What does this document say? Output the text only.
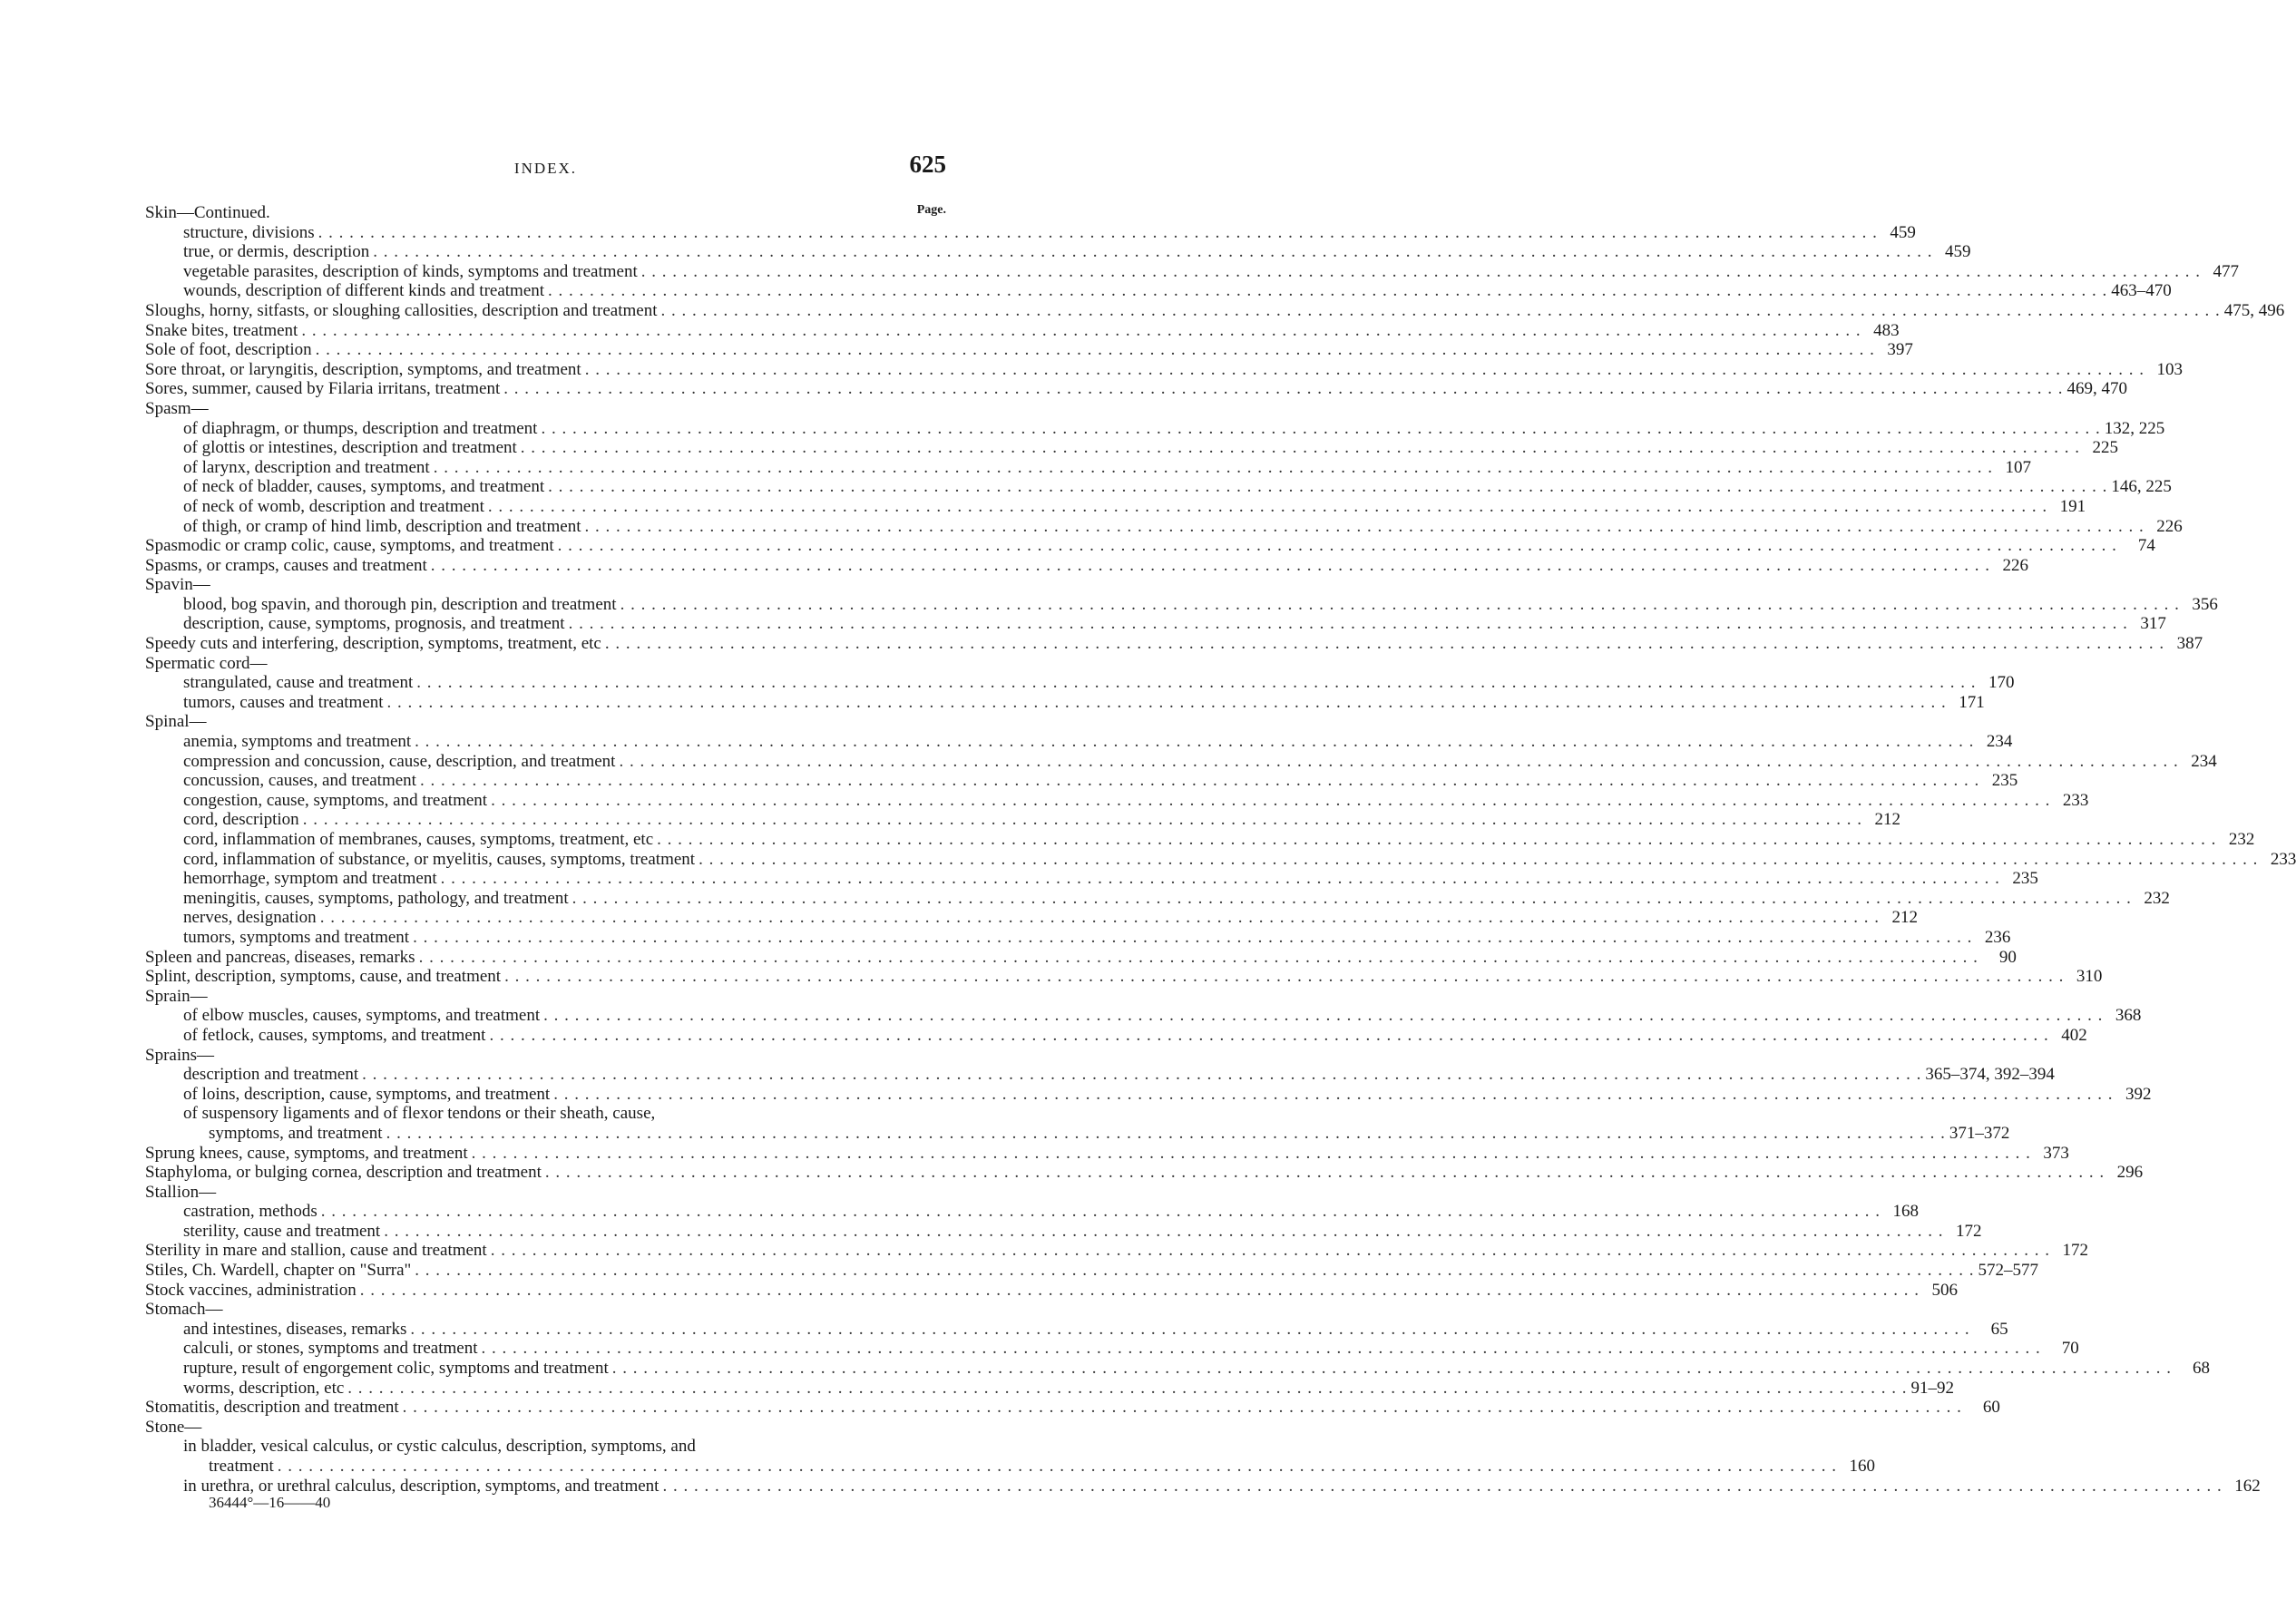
INDEX.	625
Page.
Skin—Continued.
structure, divisions . . .	459
true, or dermis, description . . .	459
vegetable parasites, description of kinds, symptoms and treatment . . .	477
wounds, description of different kinds and treatment . . .	463–470
Sloughs, horny, sitfasts, or sloughing callosities, description and treatment . . .	475, 496
Snake bites, treatment . . .	483
Sole of foot, description . . .	397
Sore throat, or laryngitis, description, symptoms, and treatment . . .	103
Sores, summer, caused by Filaria irritans, treatment . . .	469, 470
Spasm—
of diaphragm, or thumps, description and treatment . . .	132, 225
of glottis or intestines, description and treatment . . .	225
of larynx, description and treatment . . .	107
of neck of bladder, causes, symptoms, and treatment . . .	146, 225
of neck of womb, description and treatment . . .	191
of thigh, or cramp of hind limb, description and treatment . . .	226
Spasmodic or cramp colic, cause, symptoms, and treatment . . .	74
Spasms, or cramps, causes and treatment . . .	226
Spavin—
blood, bog spavin, and thorough pin, description and treatment . . .	356
description, cause, symptoms, prognosis, and treatment . . .	317
Speedy cuts and interfering, description, symptoms, treatment, etc . . .	387
Spermatic cord—
strangulated, cause and treatment . . .	170
tumors, causes and treatment . . .	171
Spinal—
anemia, symptoms and treatment . . .	234
compression and concussion, cause, description, and treatment . . .	234
concussion, causes, and treatment . . .	235
congestion, cause, symptoms, and treatment . . .	233
cord, description . . .	212
cord, inflammation of membranes, causes, symptoms, treatment, etc . . .	232
cord, inflammation of substance, or myelitis, causes, symptoms, treatment . . .	233
hemorrhage, symptom and treatment . . .	235
meningitis, causes, symptoms, pathology, and treatment . . .	232
nerves, designation . . .	212
tumors, symptoms and treatment . . .	236
Spleen and pancreas, diseases, remarks . . .	90
Splint, description, symptoms, cause, and treatment . . .	310
Sprain—
of elbow muscles, causes, symptoms, and treatment . . .	368
of fetlock, causes, symptoms, and treatment . . .	402
Sprains—
description and treatment . . .	365–374, 392–394
of loins, description, cause, symptoms, and treatment . . .	392
of suspensory ligaments and of flexor tendons or their sheath, cause,
symptoms, and treatment . . .	371–372
Sprung knees, cause, symptoms, and treatment . . .	373
Staphyloma, or bulging cornea, description and treatment . . .	296
Stallion—
castration, methods . . .	168
sterility, cause and treatment . . .	172
Sterility in mare and stallion, cause and treatment . . .	172
Stiles, Ch. Wardell, chapter on "Surra" . . .	572–577
Stock vaccines, administration . . .	506
Stomach—
and intestines, diseases, remarks . . .	65
calculi, or stones, symptoms and treatment . . .	70
rupture, result of engorgement colic, symptoms and treatment . . .	68
worms, description, etc . . .	91–92
Stomatitis, description and treatment . . .	60
Stone—
in bladder, vesical calculus, or cystic calculus, description, symptoms, and
treatment . . .	160
in urethra, or urethral calculus, description, symptoms, and treatment . . .	162
36444°—16——40
